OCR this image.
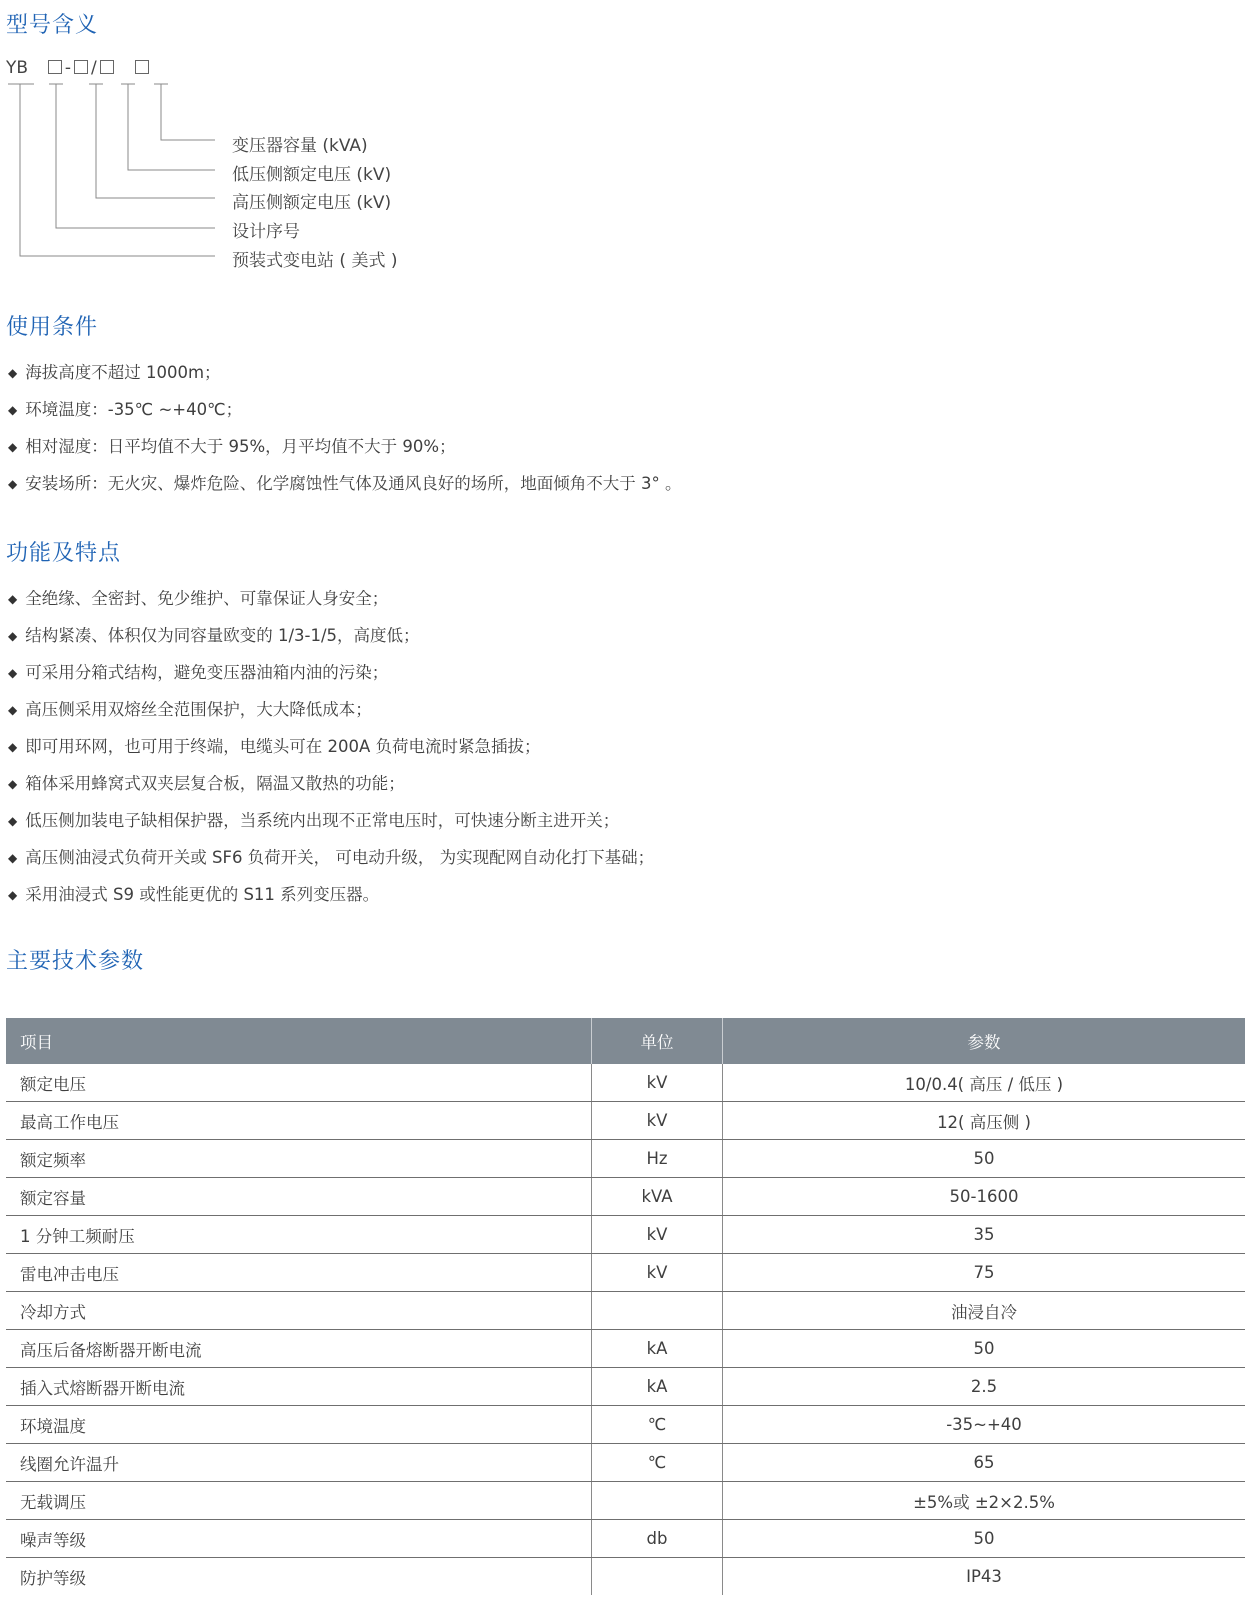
型号含义
YB - /
变压器容量 (kVA)
低压侧额定电压 (kV)
高压侧额定电压 (kV)
设计序号
预装式变电站 ( 美式 )
使用条件
◆ 海拔高度不超过 1000m；
◆ 环境温度：-35℃ ~+40℃；
◆ 相对湿度：日平均值不大于 95%，月平均值不大于 90%；
◆ 安装场所：无火灾、爆炸危险、化学腐蚀性气体及通风良好的场所，地面倾角不大于 3° 。
功能及特点
◆ 全绝缘、全密封、免少维护、可靠保证人身安全；
◆ 结构紧凑、体积仅为同容量欧变的 1/3-1/5，高度低；
◆ 可采用分箱式结构，避免变压器油箱内油的污染；
◆ 高压侧采用双熔丝全范围保护，大大降低成本；
◆ 即可用环网，也可用于终端，电缆头可在 200A 负荷电流时紧急插拔；
◆ 箱体采用蜂窝式双夹层复合板，隔温又散热的功能；
◆ 低压侧加装电子缺相保护器，当系统内出现不正常电压时，可快速分断主进开关；
◆ 高压侧油浸式负荷开关或 SF6 负荷开关， 可电动升级， 为实现配网自动化打下基础；
◆ 采用油浸式 S9 或性能更优的 S11 系列变压器。
主要技术参数
项目	单位	参数
额定电压	kV	10/0.4( 高压 / 低压 )
最高工作电压	kV	12( 高压侧 )
额定频率	Hz	50
额定容量	kVA	50-1600
1 分钟工频耐压	kV	35
雷电冲击电压	kV	75
冷却方式		油浸自冷
高压后备熔断器开断电流	kA	50
插入式熔断器开断电流	kA	2.5
环境温度	℃	-35~+40
线圈允许温升	℃	65
无载调压		±5%或 ±2×2.5%
噪声等级	db	50
防护等级		IP43
